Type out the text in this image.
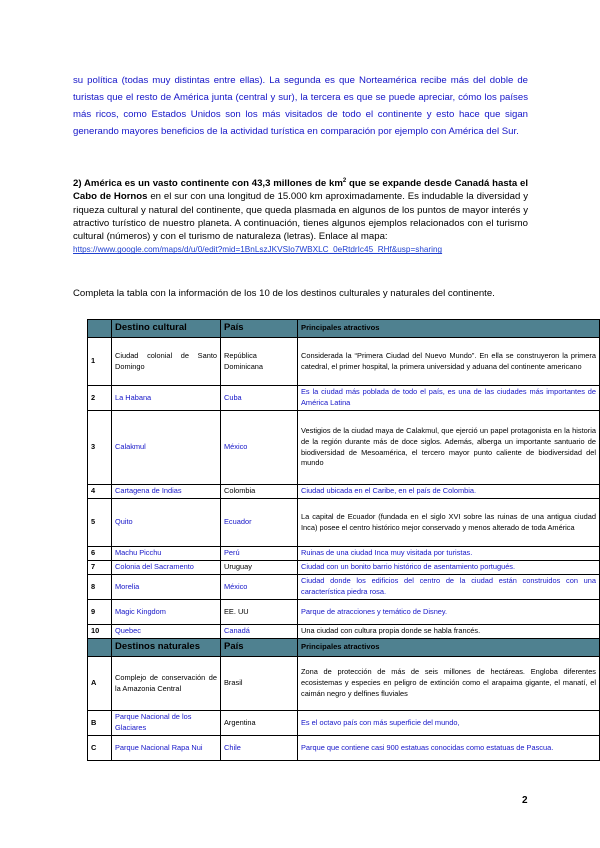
su política (todas muy distintas entre ellas). La segunda es que Norteamérica recibe más del doble de turistas que el resto de América junta (central y sur), la tercera es que se puede apreciar, cómo los países más ricos, como Estados Unidos son los más visitados de todo el continente y esto hace que sigan generando mayores beneficios de la actividad turística en comparación por ejemplo con América del Sur.
2) América es un vasto continente con 43,3 millones de $km^2$ que se expande desde Canadá hasta el Cabo de Hornos en el sur con una longitud de 15.000 km aproximadamente. Es indudable la diversidad y riqueza cultural y natural del continente, que queda plasmada en algunos de los puntos de mayor interés y atractivo turístico de nuestro planeta. A continuación, tienes algunos ejemplos relacionados con el turismo cultural (números) y con el turismo de naturaleza (letras). Enlace al mapa:
https://www.google.com/maps/d/u/0/edit?mid=1BnLszJKVSIo7WBXLC_0eRtdrIc45_RHf&usp=sharing
Completa la tabla con la información de los 10 de los destinos culturales y naturales del continente.
	Destino cultural	País	Principales atractivos
1	Ciudad colonial de Santo Domingo	República Dominicana	Considerada la “Primera Ciudad del Nuevo Mundo”. En ella se construyeron la primera catedral, el primer hospital, la primera universidad y aduana del continente americano
2	La Habana	Cuba	Es la ciudad más poblada de todo el país, es una de las ciudades más importantes de América Latina
3	Calakmul	México	Vestigios de la ciudad maya de Calakmul, que ejerció un papel protagonista en la historia de la región durante más de doce siglos. Además, alberga un importante santuario de biodiversidad de Mesoamérica, el tercero mayor punto caliente de biodiversidad del mundo
4	Cartagena de Indias	Colombia	Ciudad ubicada en el Caribe, en el país de Colombia.
5	Quito	Ecuador	La capital de Ecuador (fundada en el siglo XVI sobre las ruinas de una antigua ciudad Inca) posee el centro histórico mejor conservado y menos alterado de toda América
6	Machu Picchu	Perú	Ruinas de una ciudad Inca muy visitada por turistas.
7	Colonia del Sacramento	Uruguay	Ciudad con un bonito barrio histórico de asentamiento portugués.
8	Morelia	México	Ciudad donde los edificios del centro de la ciudad están construidos con una característica piedra rosa.
9	Magic Kingdom	EE. UU	Parque de atracciones y temático de Disney.
10	Quebec	Canadá	Una ciudad con cultura propia donde se habla francés.
	Destinos naturales	País	Principales atractivos
A	Complejo de conservación de la Amazonia Central	Brasil	Zona de protección de más de seis millones de hectáreas. Engloba diferentes ecosistemas y especies en peligro de extinción como el arapaima gigante, el manatí, el caimán negro y delfines fluviales
B	Parque Nacional de los Glaciares	Argentina	Es el octavo país con más superficie del mundo,
C	Parque Nacional Rapa Nui	Chile	Parque que contiene casi 900 estatuas conocidas como estatuas de Pascua.
2
